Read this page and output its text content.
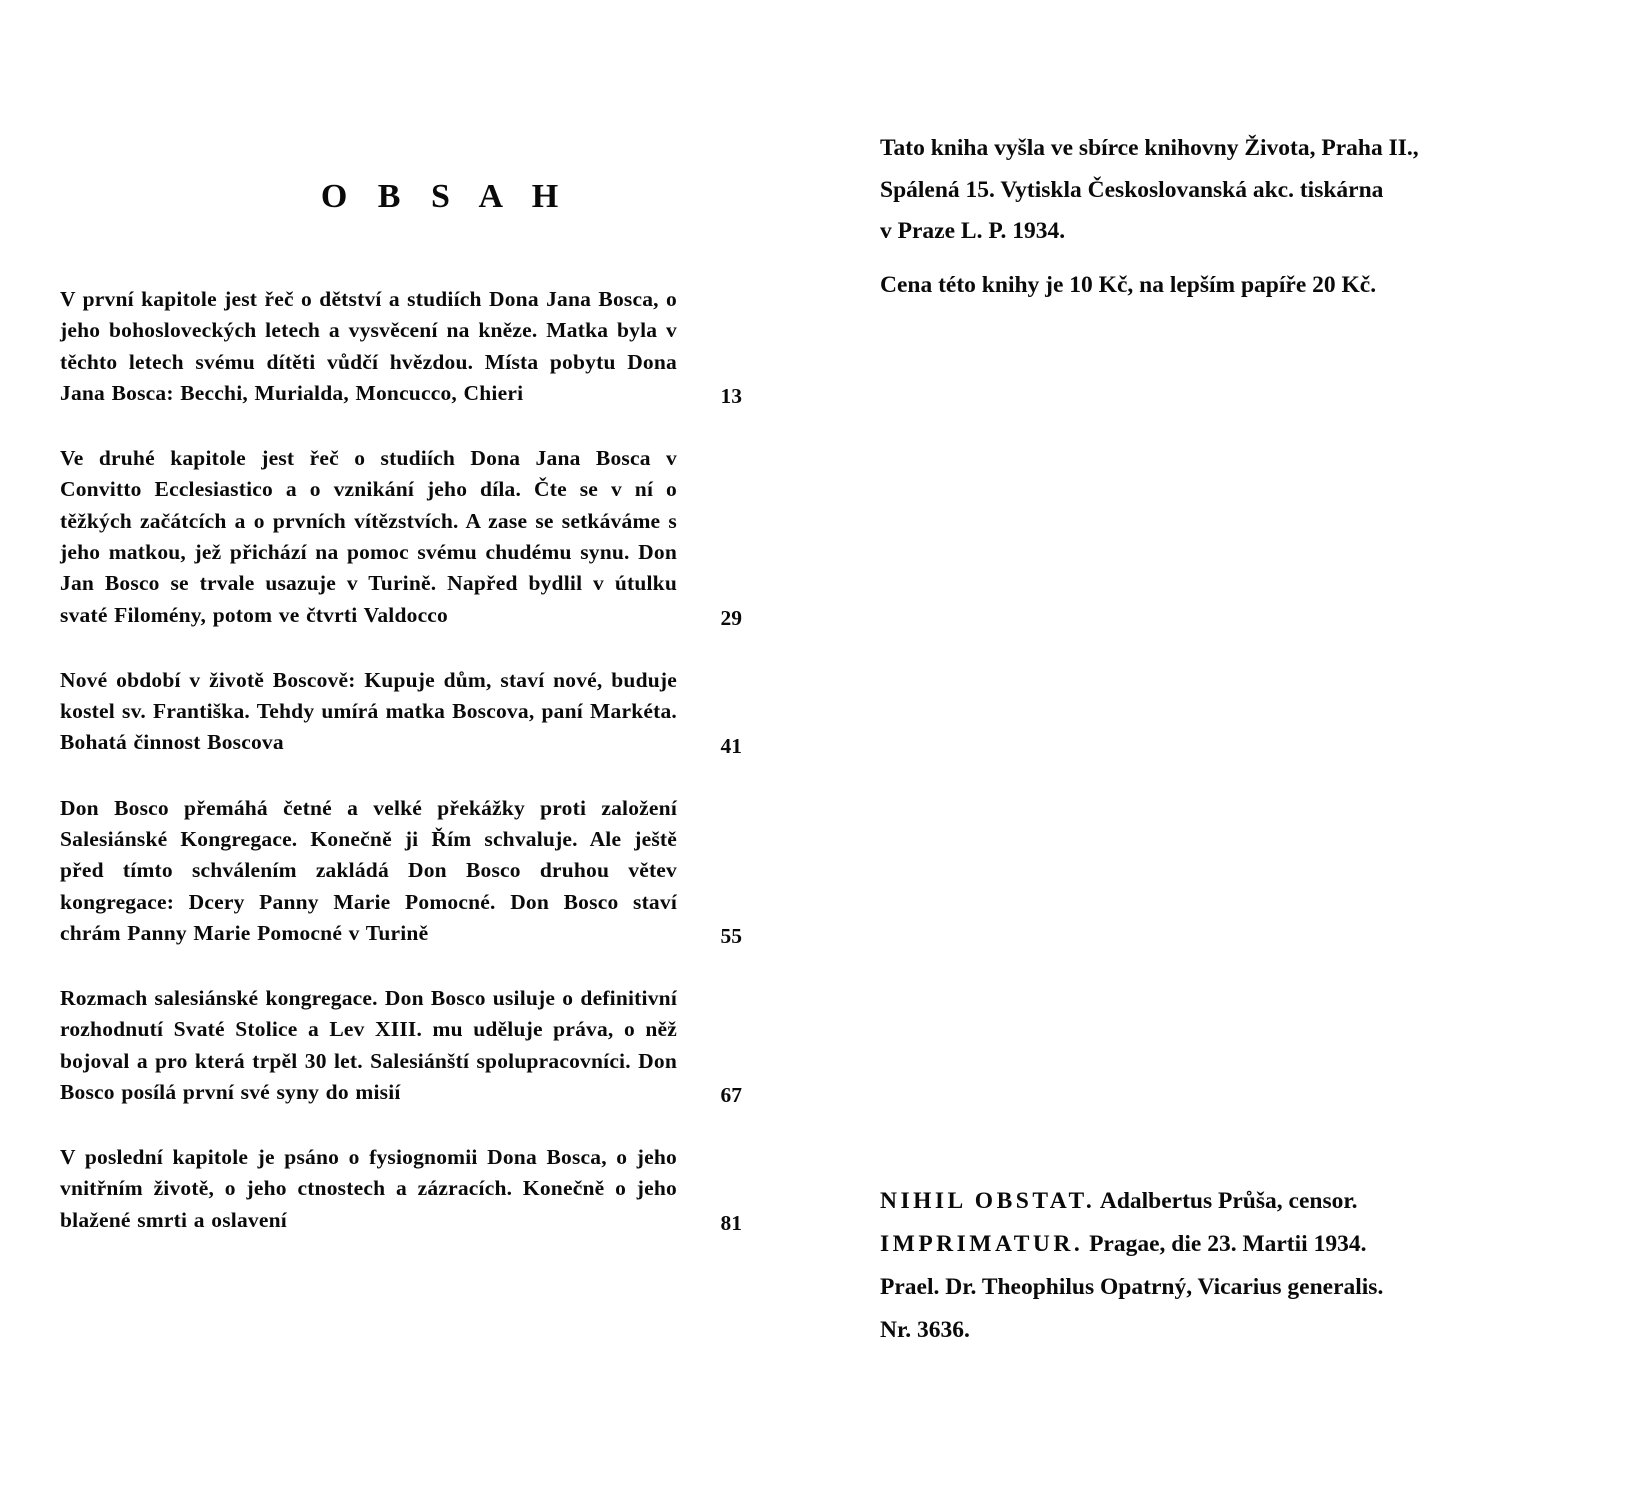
O B S A H
V první kapitole jest řeč o dětství a studiích Dona Jana Bosca, o jeho bohosloveckých letech a vysvěcení na kněze. Matka byla v těchto letech svému dítěti vůdčí hvězdou. Místa pobytu Dona Jana Bosca: Becchi, Murialda, Moncucco, Chieri	13
Ve druhé kapitole jest řeč o studiích Dona Jana Bosca v Convitto Ecclesiastico a o vznikání jeho díla. Čte se v ní o těžkých začátcích a o prvních vítězstvích. A zase se setkáváme s jeho matkou, jež přichází na pomoc svému chudému synu. Don Jan Bosco se trvale usazuje v Turině. Napřed bydlil v útulku svaté Filomény, potom ve čtvrti Valdocco	29
Nové období v životě Boscově: Kupuje dům, staví nové, buduje kostel sv. Františka. Tehdy umírá matka Boscova, paní Markéta. Bohatá činnost Boscova	41
Don Bosco přemáhá četné a velké překážky proti založení Salesiánské Kongregace. Konečně ji Řím schvaluje. Ale ještě před tímto schválením zakládá Don Bosco druhou větev kongregace: Dcery Panny Marie Pomocné. Don Bosco staví chrám Panny Marie Pomocné v Turině	55
Rozmach salesiánské kongregace. Don Bosco usiluje o definitivní rozhodnutí Svaté Stolice a Lev XIII. mu uděluje práva, o něž bojoval a pro která trpěl 30 let. Salesiánští spolupracovníci. Don Bosco posílá první své syny do misií	67
V poslední kapitole je psáno o fysiognomii Dona Bosca, o jeho vnitřním životě, o jeho ctnostech a zázracích. Konečně o jeho blažené smrti a oslavení	81

Tato kniha vyšla ve sbírce knihovny Života, Praha II.,

Spálená 15. Vytiskla Českoslovanská akc. tiskárna

v Praze L. P. 1934.

Cena této knihy je 10 Kč, na lepším papíře 20 Kč.

NIHIL OBSTAT. Adalbertus Průša, censor.

IMPRIMATUR. Pragae, die 23. Martii 1934.

Prael. Dr. Theophilus Opatrný, Vicarius generalis.

Nr. 3636.
